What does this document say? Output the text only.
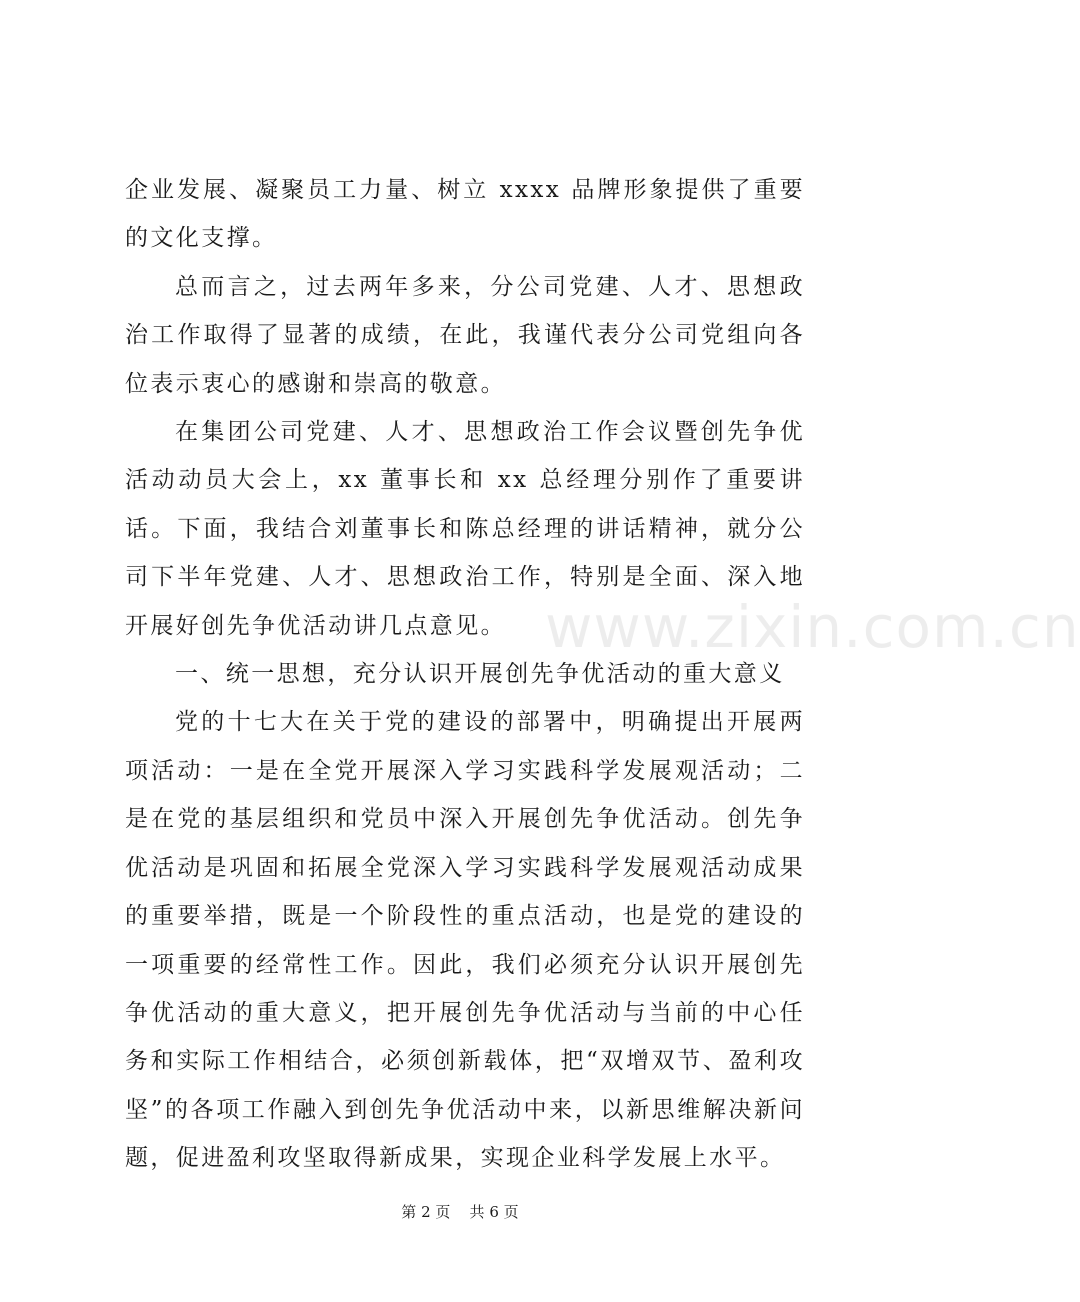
企业发展、凝聚员工力量、树立 xxxx 品牌形象提供了重要的文化支撑。

总而言之，过去两年多来，分公司党建、人才、思想政治工作取得了显著的成绩，在此，我谨代表分公司党组向各位表示衷心的感谢和崇高的敬意。

在集团公司党建、人才、思想政治工作会议暨创先争优活动动员大会上，xx 董事长和 xx 总经理分别作了重要讲话。下面，我结合刘董事长和陈总经理的讲话精神，就分公司下半年党建、人才、思想政治工作，特别是全面、深入地开展好创先争优活动讲几点意见。

一、统一思想，充分认识开展创先争优活动的重大意义

党的十七大在关于党的建设的部署中，明确提出开展两项活动：一是在全党开展深入学习实践科学发展观活动；二是在党的基层组织和党员中深入开展创先争优活动。创先争优活动是巩固和拓展全党深入学习实践科学发展观活动成果的重要举措，既是一个阶段性的重点活动，也是党的建设的一项重要的经常性工作。因此，我们必须充分认识开展创先争优活动的重大意义，把开展创先争优活动与当前的中心任务和实际工作相结合，必须创新载体，把“双增双节、盈利攻坚”的各项工作融入到创先争优活动中来，以新思维解决新问题，促进盈利攻坚取得新成果，实现企业科学发展上水平。

www.zixin.com.cn
第 2 页 共 6 页
